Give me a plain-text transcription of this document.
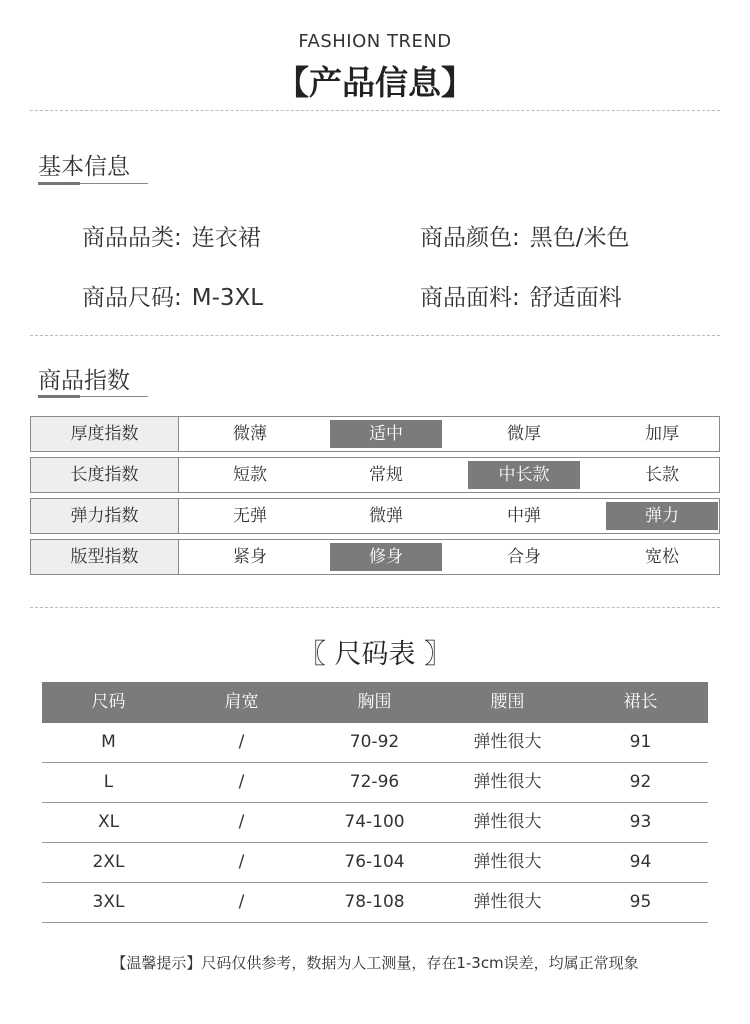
FASHION TREND
【产品信息】
基本信息
商品品类: 连衣裙	商品颜色: 黑色/米色
商品尺码: M-3XL	商品面料: 舒适面料
商品指数
厚度指数	微薄	适中	微厚	加厚
长度指数	短款	常规	中长款	长款
弹力指数	无弹	微弹	中弹	弹力
版型指数	紧身	修身	合身	宽松
〖 尺码表 〗
尺码	肩宽	胸围	腰围	裙长
M	/	70-92	弹性很大	91
L	/	72-96	弹性很大	92
XL	/	74-100	弹性很大	93
2XL	/	76-104	弹性很大	94
3XL	/	78-108	弹性很大	95
【温馨提示】尺码仅供参考，数据为人工测量，存在1-3cm误差，均属正常现象
